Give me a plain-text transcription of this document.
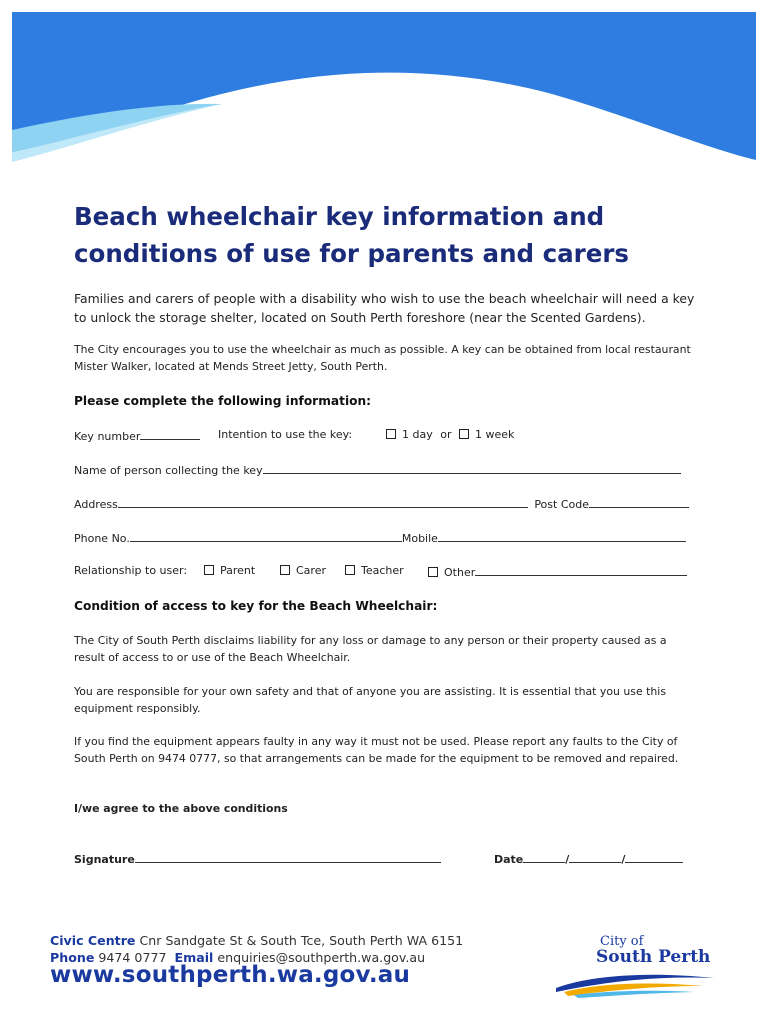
Beach wheelchair key information and
conditions of use for parents and carers

Families and carers of people with a disability who wish to use the beach wheelchair will need a key to unlock the storage shelter, located on South Perth foreshore (near the Scented Gardens).

The City encourages you to use the wheelchair as much as possible. A key can be obtained from local restaurant Mister Walker, located at Mends Street Jetty, South Perth.

Please complete the following information:

Key number	Intention to use the key:	1 day or 1 week
Name of person collecting the key
Address	Post Code
Phone No.	Mobile
Relationship to user:	Parent	Carer	Teacher	Other

Condition of access to key for the Beach Wheelchair:

The City of South Perth disclaims liability for any loss or damage to any person or their property caused as a result of access to or use of the Beach Wheelchair.

You are responsible for your own safety and that of anyone you are assisting. It is essential that you use this equipment responsibly.

If you find the equipment appears faulty in any way it must not be used. Please report any faults to the City of South Perth on 9474 0777, so that arrangements can be made for the equipment to be removed and repaired.

I/we agree to the above conditions

Signature	Date	/	/
Civic Centre Cnr Sandgate St & South Tce, South Perth WA 6151
Phone 9474 0777 Email enquiries@southperth.wa.gov.au
www.southperth.wa.gov.au
City of
South Perth
